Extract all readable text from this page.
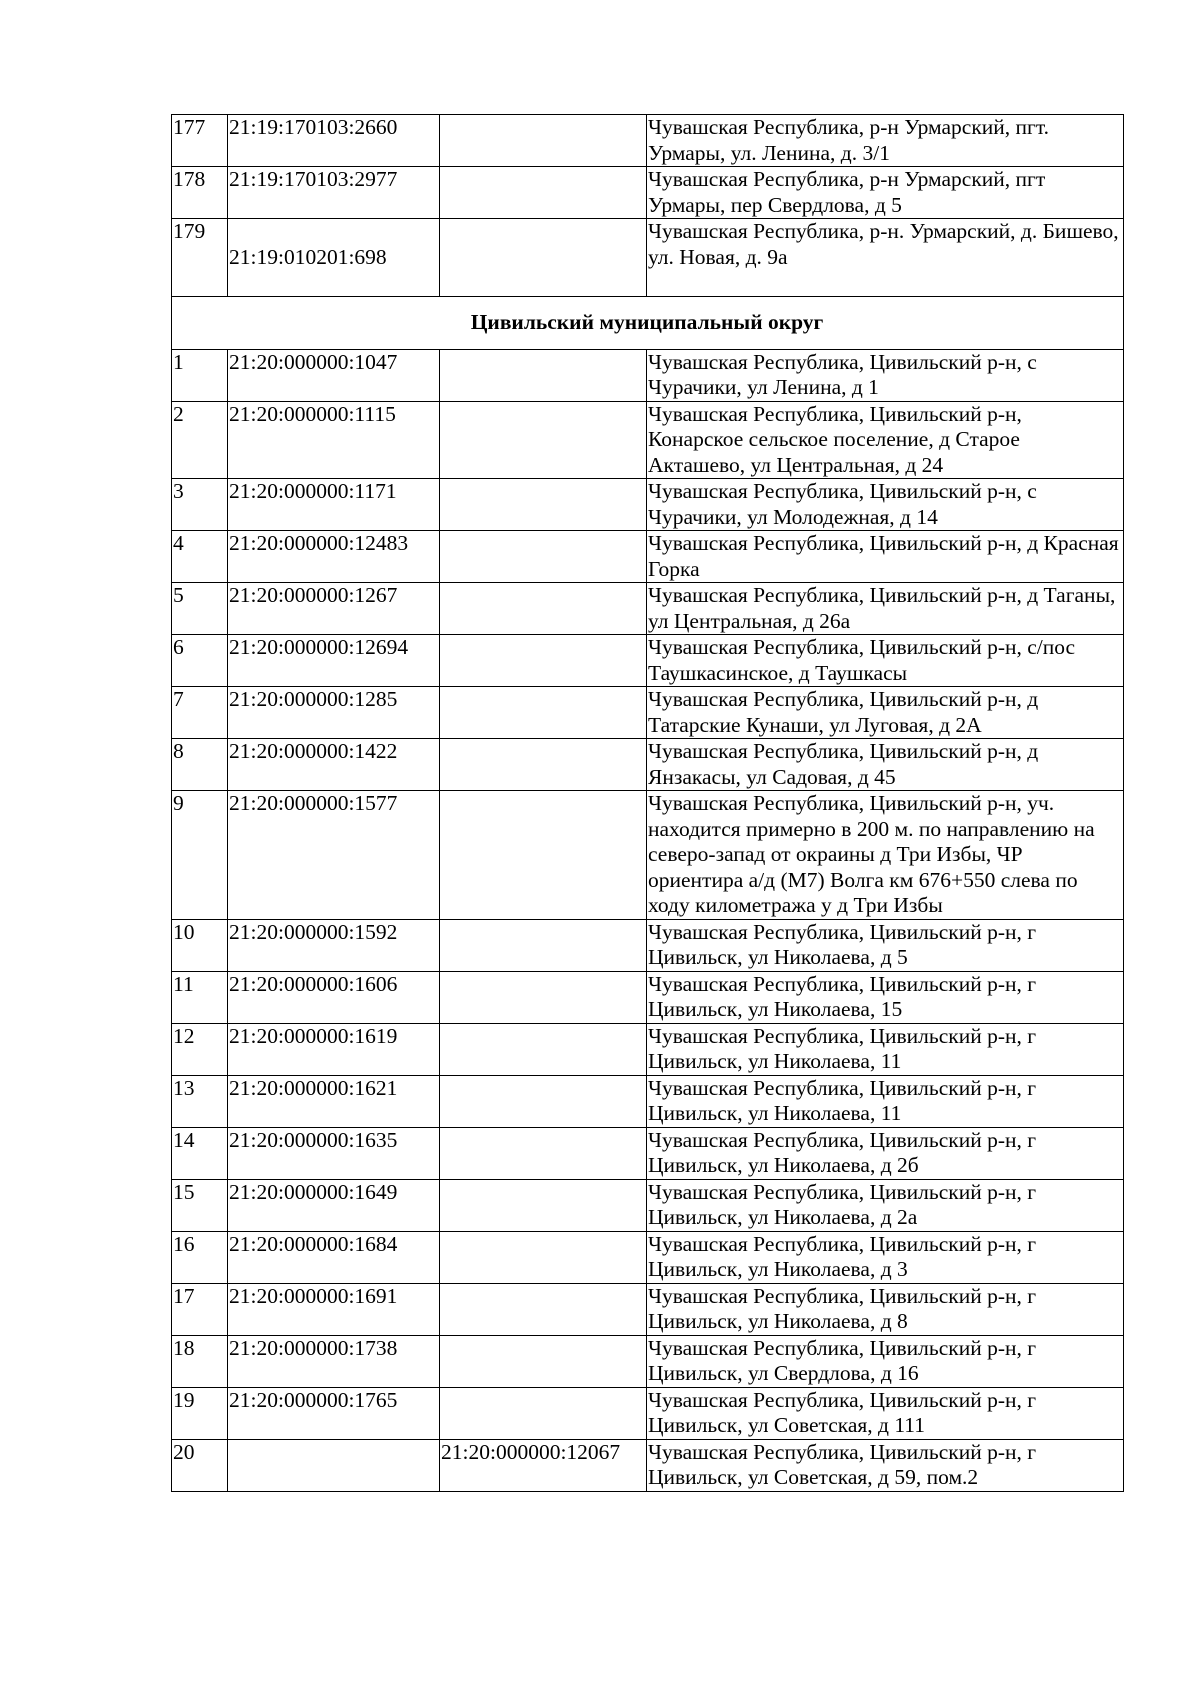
177	21:19:170103:2660		Чувашская Республика, р-н Урмарский, пгт. Урмары, ул. Ленина, д. 3/1
178	21:19:170103:2977		Чувашская Республика, р-н Урмарский, пгт Урмары, пер Свердлова, д 5
179	21:19:010201:698		Чувашская Республика, р-н. Урмарский, д. Бишево, ул. Новая, д. 9а
Цивильский муниципальный округ			
1	21:20:000000:1047		Чувашская Республика, Цивильский р-н, с Чурачики, ул Ленина, д 1
2	21:20:000000:1115		Чувашская Республика, Цивильский р-н, Конарское сельское поселение, д Старое Акташево, ул Центральная, д 24
3	21:20:000000:1171		Чувашская Республика, Цивильский р-н, с Чурачики, ул Молодежная, д 14
4	21:20:000000:12483		Чувашская Республика, Цивильский р-н, д Красная Горка
5	21:20:000000:1267		Чувашская Республика, Цивильский р-н, д Таганы, ул Центральная, д 26а
6	21:20:000000:12694		Чувашская Республика, Цивильский р-н, с/пос Таушкасинское, д Таушкасы
7	21:20:000000:1285		Чувашская Республика, Цивильский р-н, д Татарские Кунаши, ул Луговая, д 2А
8	21:20:000000:1422		Чувашская Республика, Цивильский р-н, д Янзакасы, ул Садовая, д 45
9	21:20:000000:1577		Чувашская Республика, Цивильский р-н, уч. находится примерно в 200 м. по направлению на северо-запад от окраины д Три Избы, ЧР ориентира а/д (М7) Волга км 676+550 слева по ходу километража у д Три Избы
10	21:20:000000:1592		Чувашская Республика, Цивильский р-н, г Цивильск, ул Николаева, д 5
11	21:20:000000:1606		Чувашская Республика, Цивильский р-н, г Цивильск, ул Николаева, 15
12	21:20:000000:1619		Чувашская Республика, Цивильский р-н, г Цивильск, ул Николаева, 11
13	21:20:000000:1621		Чувашская Республика, Цивильский р-н, г Цивильск, ул Николаева, 11
14	21:20:000000:1635		Чувашская Республика, Цивильский р-н, г Цивильск, ул Николаева, д 2б
15	21:20:000000:1649		Чувашская Республика, Цивильский р-н, г Цивильск, ул Николаева, д 2а
16	21:20:000000:1684		Чувашская Республика, Цивильский р-н, г Цивильск, ул Николаева, д 3
17	21:20:000000:1691		Чувашская Республика, Цивильский р-н, г Цивильск, ул Николаева, д 8
18	21:20:000000:1738		Чувашская Республика, Цивильский р-н, г Цивильск, ул Свердлова, д 16
19	21:20:000000:1765		Чувашская Республика, Цивильский р-н, г Цивильск, ул Советская, д 111
20		21:20:000000:12067	Чувашская Республика, Цивильский р-н, г Цивильск, ул Советская, д 59, пом.2
